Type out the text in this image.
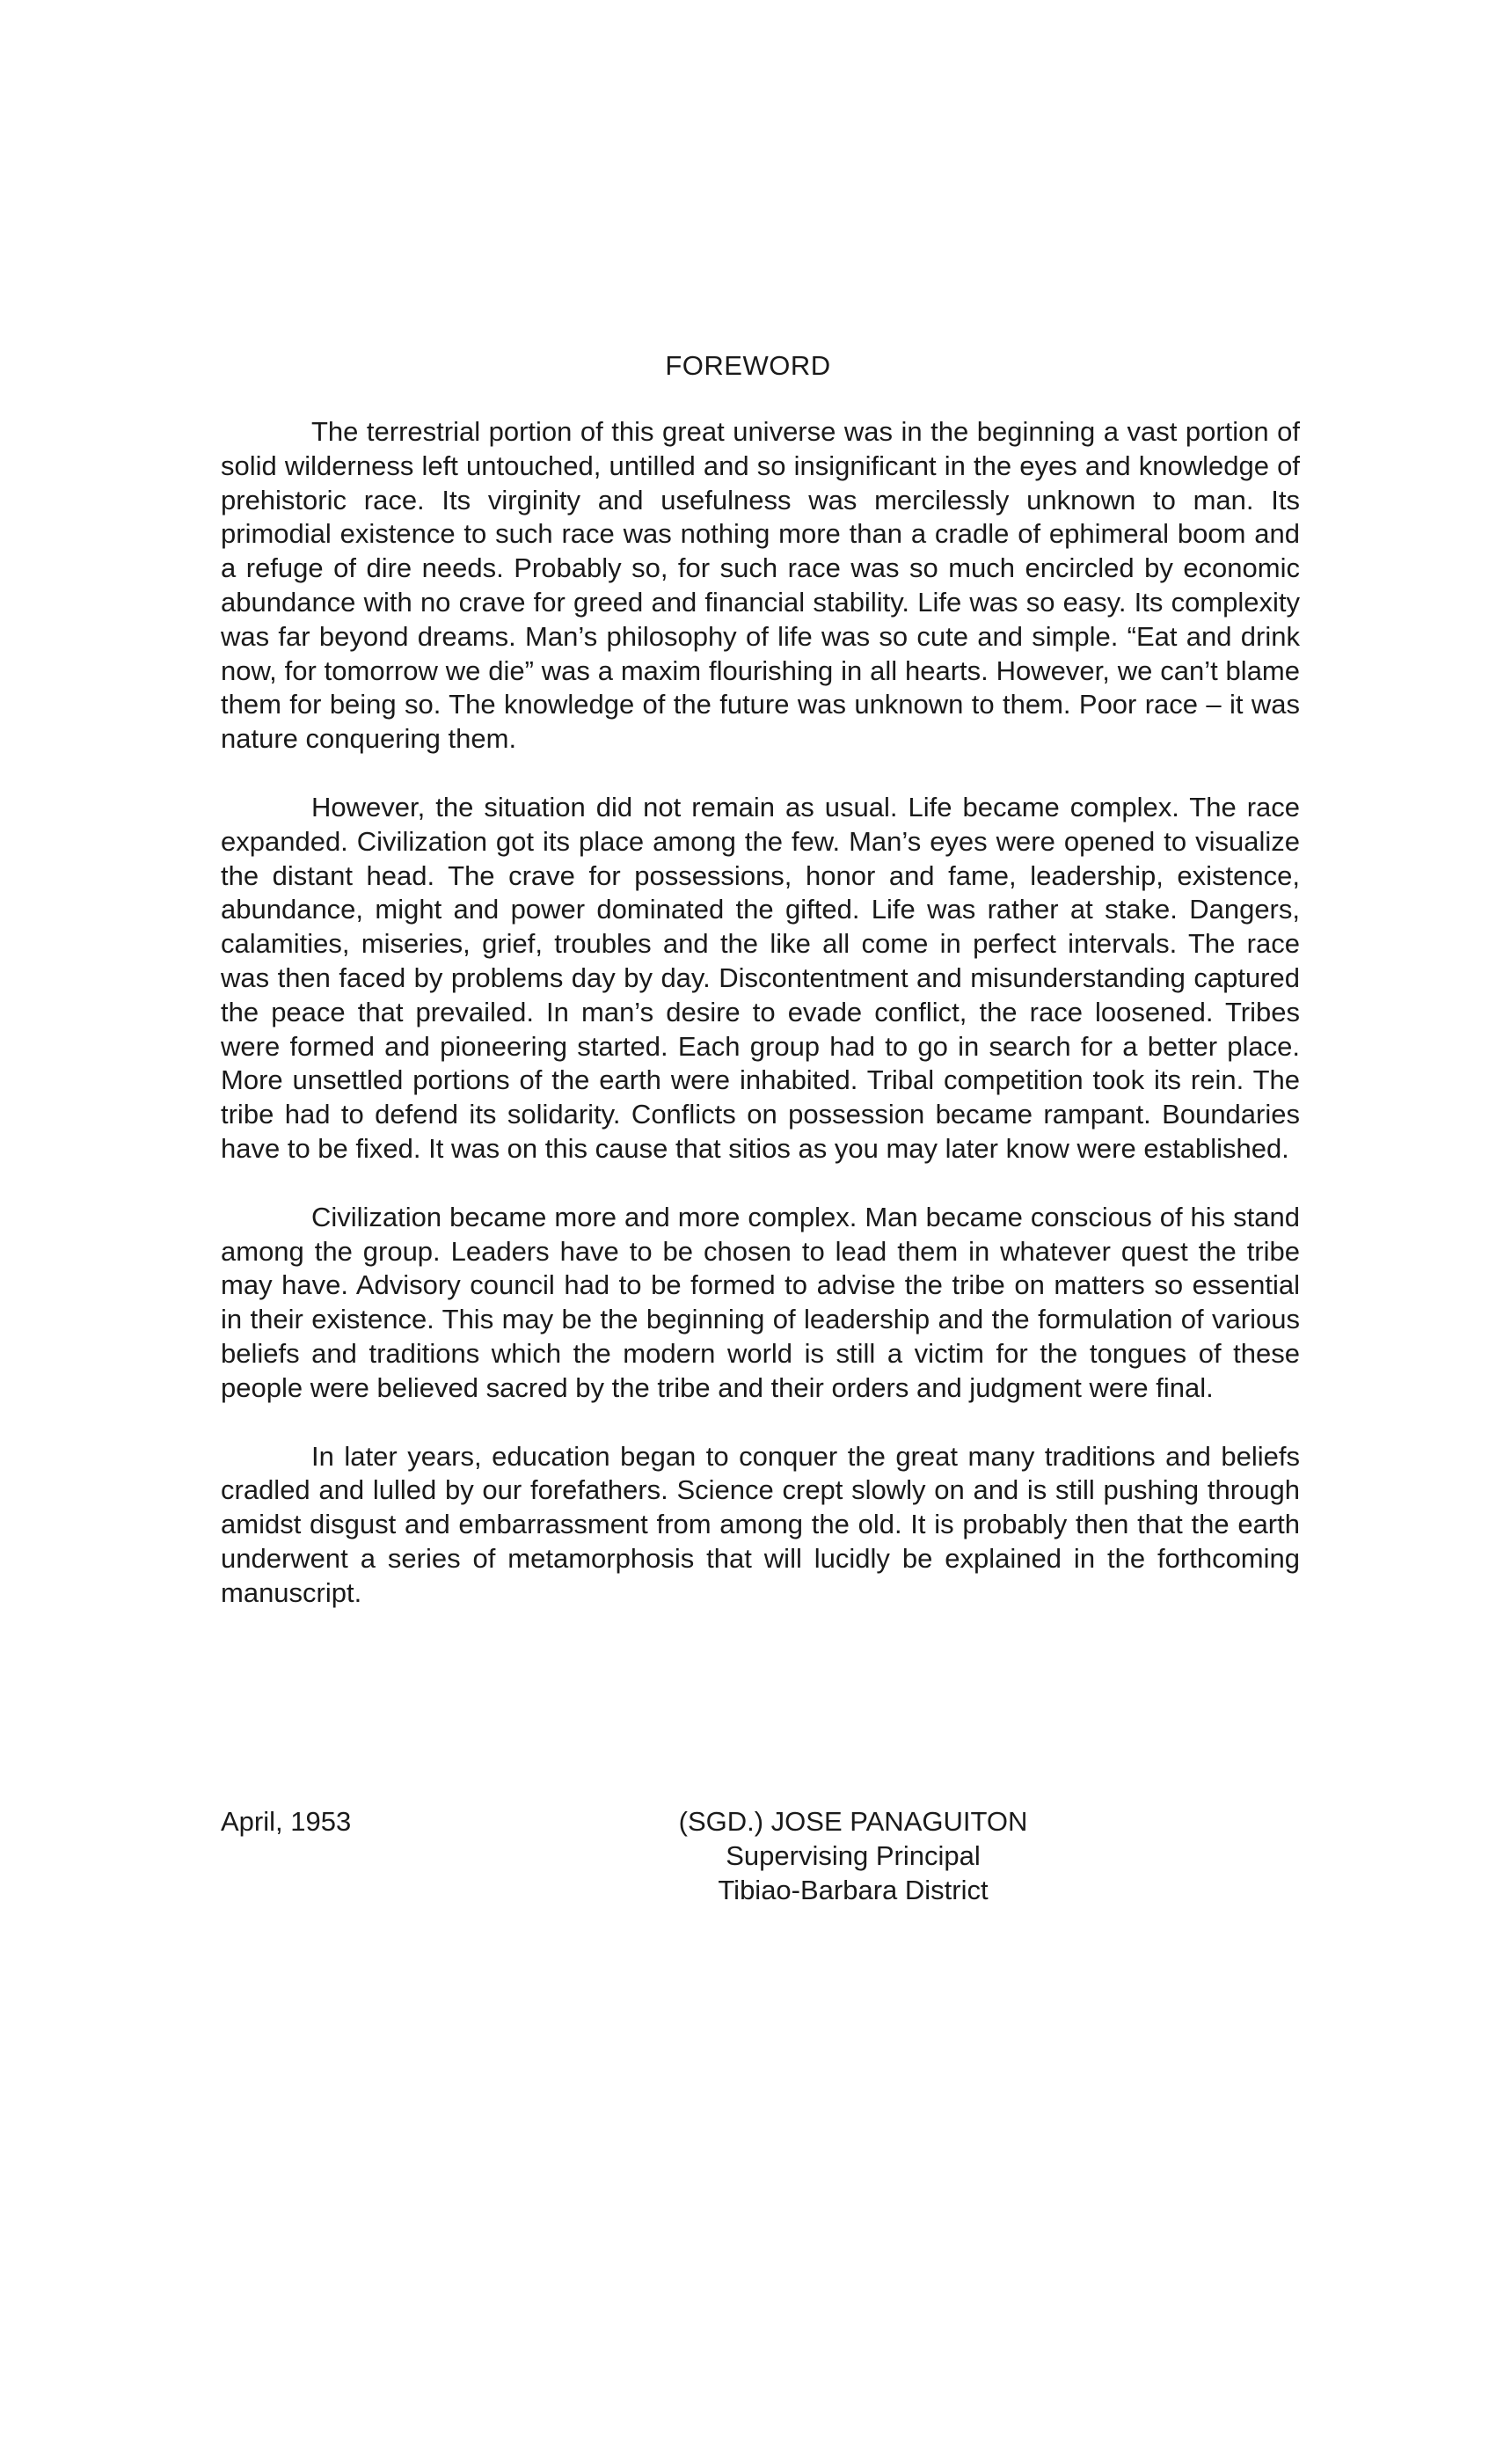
FOREWORD

The terrestrial portion of this great universe was in the beginning a vast portion of solid wilderness left untouched, untilled and so insignificant in the eyes and knowledge of prehistoric race. Its virginity and usefulness was mercilessly unknown to man. Its primodial existence to such race was nothing more than a cradle of ephimeral boom and a refuge of dire needs. Probably so, for such race was so much encircled by economic abundance with no crave for greed and financial stability. Life was so easy. Its complexity was far beyond dreams. Man’s philosophy of life was so cute and simple. “Eat and drink now, for tomorrow we die” was a maxim flourishing in all hearts. However, we can’t blame them for being so. The knowledge of the future was unknown to them. Poor race – it was nature conquering them.

However, the situation did not remain as usual. Life became complex. The race expanded. Civilization got its place among the few. Man’s eyes were opened to visualize the distant head. The crave for possessions, honor and fame, leadership, existence, abundance, might and power dominated the gifted. Life was rather at stake. Dangers, calamities, miseries, grief, troubles and the like all come in perfect intervals. The race was then faced by problems day by day. Discontentment and misunderstanding captured the peace that prevailed. In man’s desire to evade conflict, the race loosened. Tribes were formed and pioneering started. Each group had to go in search for a better place. More unsettled portions of the earth were inhabited. Tribal competition took its rein. The tribe had to defend its solidarity. Conflicts on possession became rampant. Boundaries have to be fixed. It was on this cause that sitios as you may later know were established.

Civilization became more and more complex. Man became conscious of his stand among the group. Leaders have to be chosen to lead them in whatever quest the tribe may have. Advisory council had to be formed to advise the tribe on matters so essential in their existence. This may be the beginning of leadership and the formulation of various beliefs and traditions which the modern world is still a victim for the tongues of these people were believed sacred by the tribe and their orders and judgment were final.

In later years, education began to conquer the great many traditions and beliefs cradled and lulled by our forefathers. Science crept slowly on and is still pushing through amidst disgust and embarrassment from among the old. It is probably then that the earth underwent a series of metamorphosis that will lucidly be explained in the forthcoming manuscript.

April, 1953	(SGD.) JOSE PANAGUITON
Supervising Principal
Tibiao-Barbara District
